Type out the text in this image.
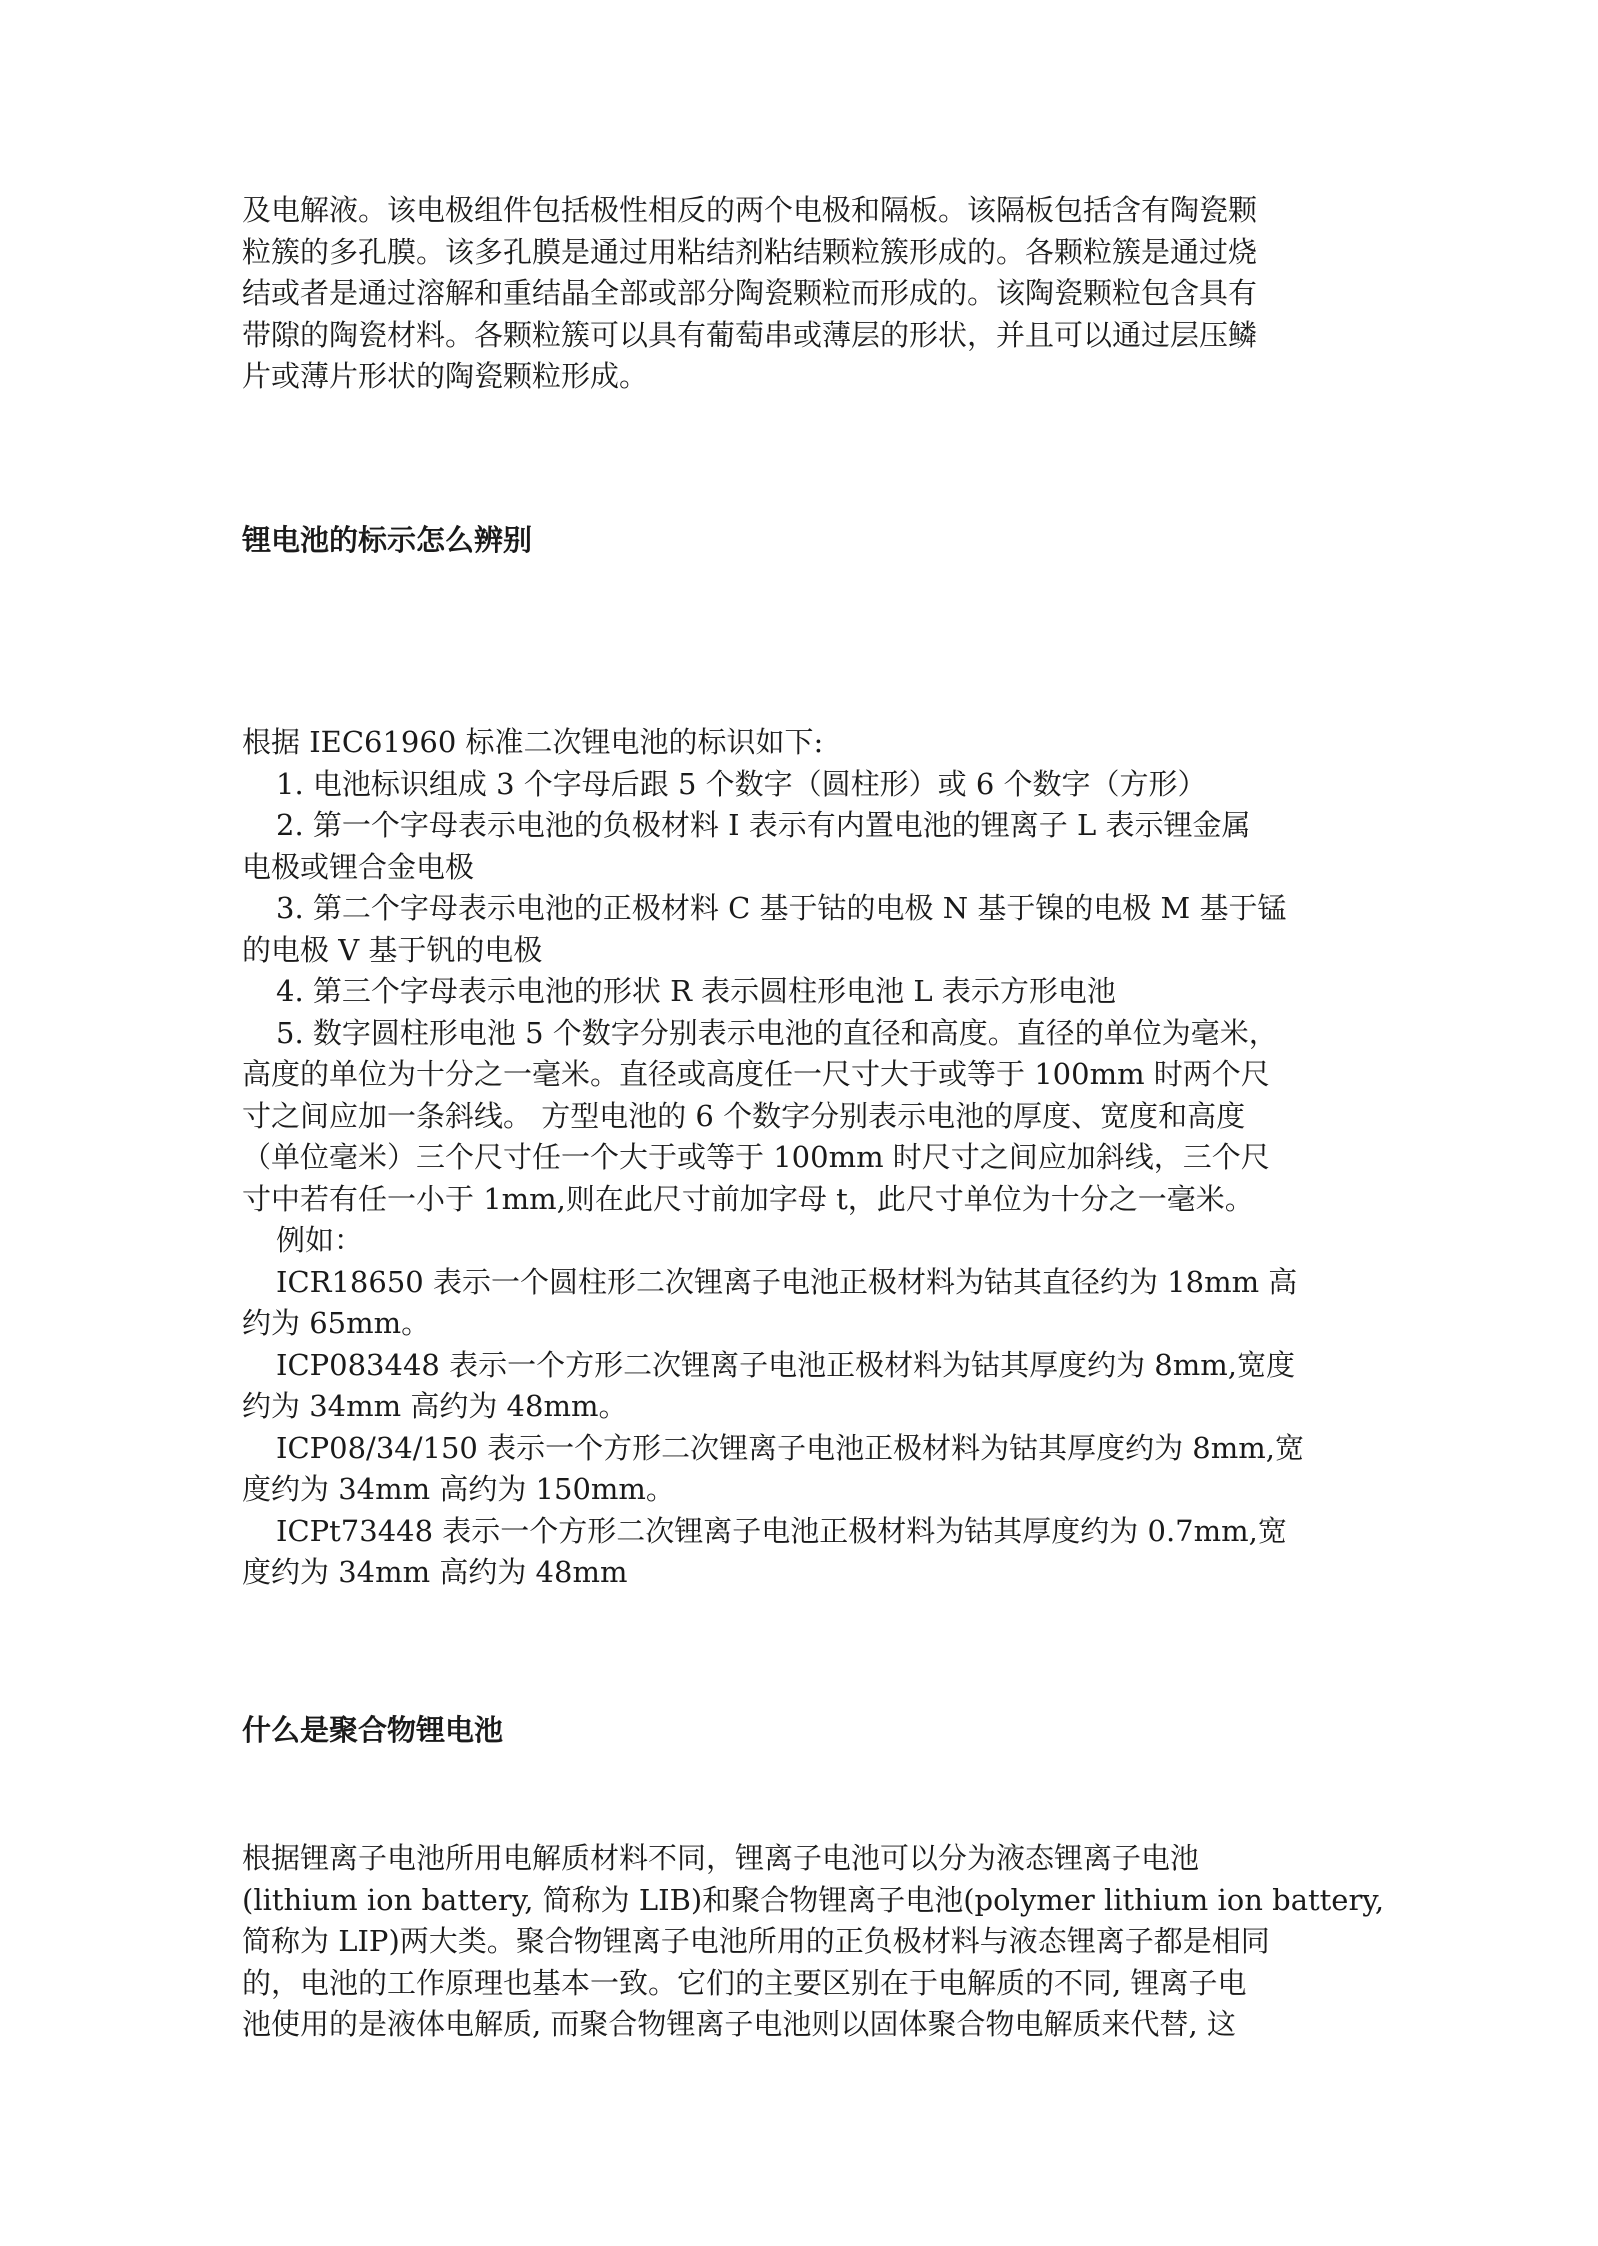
及电解液。该电极组件包括极性相反的两个电极和隔板。该隔板包括含有陶瓷颗
粒簇的多孔膜。该多孔膜是通过用粘结剂粘结颗粒簇形成的。各颗粒簇是通过烧
结或者是通过溶解和重结晶全部或部分陶瓷颗粒而形成的。该陶瓷颗粒包含具有
带隙的陶瓷材料。各颗粒簇可以具有葡萄串或薄层的形状，并且可以通过层压鳞
片或薄片形状的陶瓷颗粒形成。
锂电池的标示怎么辨别
根据 IEC61960 标准二次锂电池的标识如下:
1. 电池标识组成 3 个字母后跟 5 个数字（圆柱形）或 6 个数字（方形）
2. 第一个字母表示电池的负极材料 I 表示有内置电池的锂离子 L 表示锂金属
电极或锂合金电极
3. 第二个字母表示电池的正极材料 C 基于钴的电极 N 基于镍的电极 M 基于锰
的电极 V 基于钒的电极
4. 第三个字母表示电池的形状 R 表示圆柱形电池 L 表示方形电池
5. 数字圆柱形电池 5 个数字分别表示电池的直径和高度。直径的单位为毫米，
高度的单位为十分之一毫米。直径或高度任一尺寸大于或等于 100mm 时两个尺
寸之间应加一条斜线。 方型电池的 6 个数字分别表示电池的厚度、宽度和高度
（单位毫米）三个尺寸任一个大于或等于 100mm 时尺寸之间应加斜线，三个尺
寸中若有任一小于 1mm,则在此尺寸前加字母 t，此尺寸单位为十分之一毫米。
例如：
ICR18650 表示一个圆柱形二次锂离子电池正极材料为钴其直径约为 18mm 高
约为 65mm。
ICP083448 表示一个方形二次锂离子电池正极材料为钴其厚度约为 8mm,宽度
约为 34mm 高约为 48mm。
ICP08/34/150 表示一个方形二次锂离子电池正极材料为钴其厚度约为 8mm,宽
度约为 34mm 高约为 150mm。
ICPt73448 表示一个方形二次锂离子电池正极材料为钴其厚度约为 0.7mm,宽
度约为 34mm 高约为 48mm
什么是聚合物锂电池
根据锂离子电池所用电解质材料不同，锂离子电池可以分为液态锂离子电池
(lithium ion battery, 简称为 LIB)和聚合物锂离子电池(polymer lithium ion battery,
简称为 LIP)两大类。聚合物锂离子电池所用的正负极材料与液态锂离子都是相同
的，电池的工作原理也基本一致。它们的主要区别在于电解质的不同, 锂离子电
池使用的是液体电解质, 而聚合物锂离子电池则以固体聚合物电解质来代替, 这
